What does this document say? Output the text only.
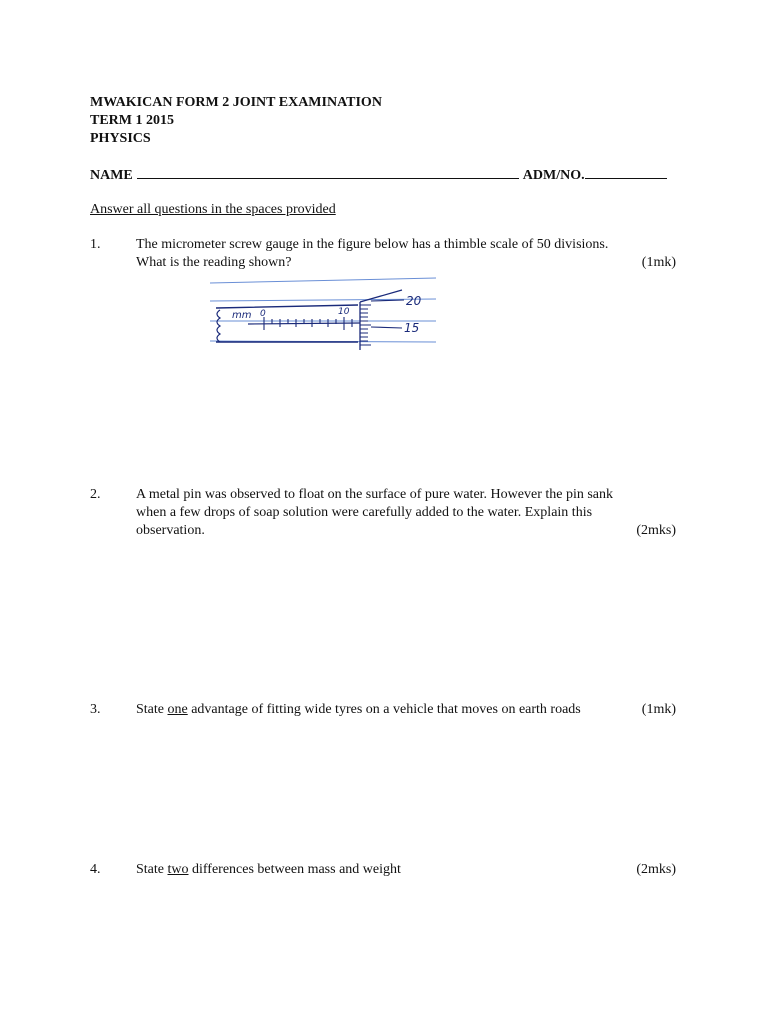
MWAKICAN FORM 2 JOINT EXAMINATION
TERM 1 2015
PHYSICS
NAME	ADM/NO.
Answer all questions in the spaces provided
1.	The micrometer screw gauge in the figure below has a thimble scale of 50 divisions.
What is the reading shown?	(1mk)
mm 0	10
20
15
2.	A metal pin was observed to float on the surface of pure water. However the pin sank
when a few drops of soap solution were carefully added to the water. Explain this
observation.	(2mks)
3.	State one advantage of fitting wide tyres on a vehicle that moves on earth roads	(1mk)
4.	State two differences between mass and weight	(2mks)
